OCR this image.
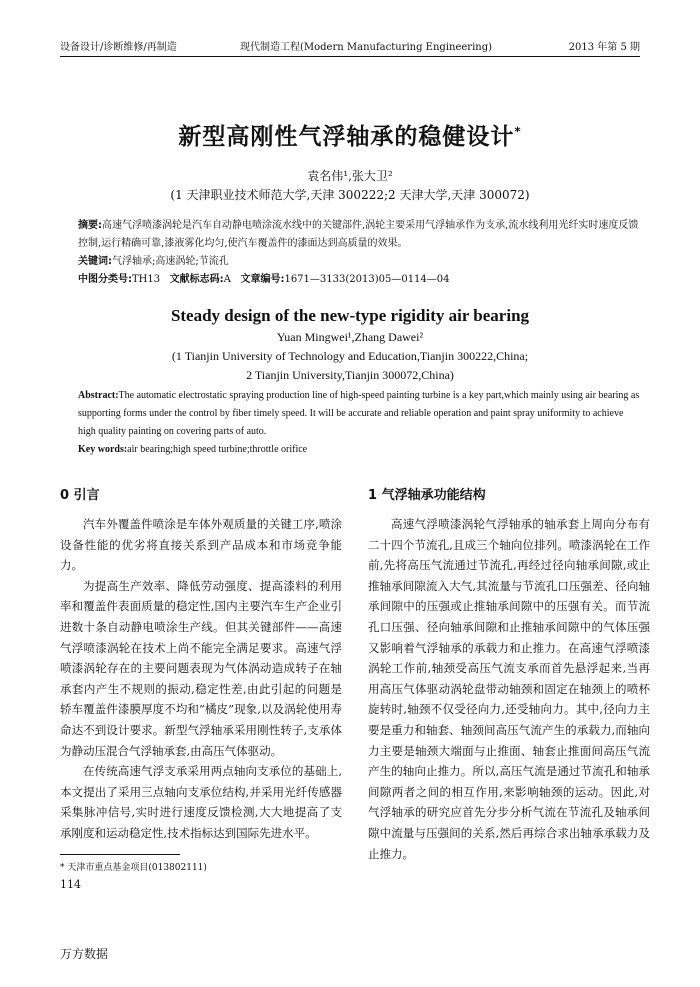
设备设计/诊断维修/再制造	现代制造工程(Modern Manufacturing Engineering)	2013 年第 5 期
新型高刚性气浮轴承的稳健设计*
袁名伟¹,张大卫²
(1 天津职业技术师范大学,天津 300222;2 天津大学,天津 300072)
摘要:高速气浮喷漆涡轮是汽车自动静电喷涂流水线中的关键部件,涡轮主要采用气浮轴承作为支承,流水线利用光纤实时速度反馈控制,运行精确可靠,漆液雾化均匀,使汽车覆盖件的漆面达到高质量的效果。
关键词:气浮轴承;高速涡轮;节流孔
中图分类号:TH13 文献标志码:A 文章编号:1671—3133(2013)05—0114—04
Steady design of the new-type rigidity air bearing
Yuan Mingwei¹,Zhang Dawei²
(1 Tianjin University of Technology and Education,Tianjin 300222,China;
2 Tianjin University,Tianjin 300072,China)
Abstract:The automatic electrostatic spraying production line of high-speed painting turbine is a key part,which mainly using air bearing as supporting forms under the control by fiber timely speed. It will be accurate and reliable operation and paint spray uniformity to achieve high quality painting on covering parts of auto.
Key words:air bearing;high speed turbine;throttle orifice
0 引言	1 气浮轴承功能结构

汽车外覆盖件喷涂是车体外观质量的关键工序,喷涂设备性能的优劣将直接关系到产品成本和市场竞争能力。

为提高生产效率、降低劳动强度、提高漆料的利用率和覆盖件表面质量的稳定性,国内主要汽车生产企业引进数十条自动静电喷涂生产线。但其关键部件——高速气浮喷漆涡轮在技术上尚不能完全满足要求。高速气浮喷漆涡轮存在的主要问题表现为气体涡动造成转子在轴承套内产生不规则的振动,稳定性差,由此引起的问题是轿车覆盖件漆膜厚度不均和“橘皮”现象,以及涡轮使用寿命达不到设计要求。新型气浮轴承采用刚性转子,支承体为静动压混合气浮轴承套,由高压气体驱动。

在传统高速气浮支承采用两点轴向支承位的基础上,本文提出了采用三点轴向支承位结构,并采用光纤传感器采集脉冲信号,实时进行速度反馈检测,大大地提高了支承刚度和运动稳定性,技术指标达到国际先进水平。

高速气浮喷漆涡轮气浮轴承的轴承套上周向分布有二十四个节流孔,且成三个轴向位排列。喷漆涡轮在工作前,先将高压气流通过节流孔,再经过径向轴承间隙,或止推轴承间隙流入大气,其流量与节流孔口压强差、径向轴承间隙中的压强或止推轴承间隙中的压强有关。而节流孔口压强、径向轴承间隙和止推轴承间隙中的气体压强又影响着气浮轴承的承载力和止推力。在高速气浮喷漆涡轮工作前,轴颈受高压气流支承而首先悬浮起来,当再用高压气体驱动涡轮盘带动轴颈和固定在轴颈上的喷杯旋转时,轴颈不仅受径向力,还受轴向力。其中,径向力主要是重力和轴套、轴颈间高压气流产生的承载力,而轴向力主要是轴颈大端面与止推面、轴套止推面间高压气流产生的轴向止推力。所以,高压气流是通过节流孔和轴承间隙两者之间的相互作用,来影响轴颈的运动。因此,对气浮轴承的研究应首先分步分析气流在节流孔及轴承间隙中流量与压强间的关系,然后再综合求出轴承承载力及止推力。

* 天津市重点基金项目(013802111)
114
万方数据
